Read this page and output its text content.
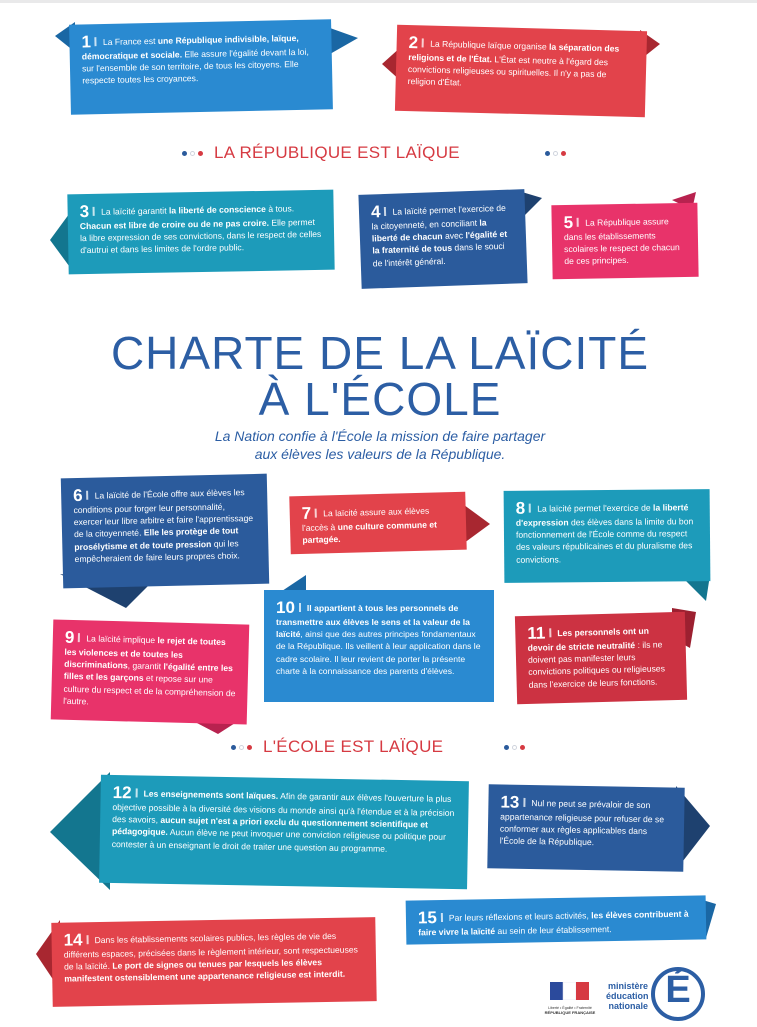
1 La France est une République indivisible, laïque, démocratique et sociale. Elle assure l'égalité devant la loi, sur l'ensemble de son territoire, de tous les citoyens. Elle respecte toutes les croyances.
2 La République laïque organise la séparation des religions et de l'État. L'État est neutre à l'égard des convictions religieuses ou spirituelles. Il n'y a pas de religion d'État.
LA RÉPUBLIQUE EST LAÏQUE
3 La laïcité garantit la liberté de conscience à tous. Chacun est libre de croire ou de ne pas croire. Elle permet la libre expression de ses convictions, dans le respect de celles d'autrui et dans les limites de l'ordre public.
4 La laïcité permet l'exercice de la citoyenneté, en conciliant la liberté de chacun avec l'égalité et la fraternité de tous dans le souci de l'intérêt général.
5 La République assure dans les établissements scolaires le respect de chacun de ces principes.
CHARTE DE LA LAÏCITÉ
À L'ÉCOLE
La Nation confie à l'École la mission de faire partager
aux élèves les valeurs de la République.
6 La laïcité de l'École offre aux élèves les conditions pour forger leur personnalité, exercer leur libre arbitre et faire l'apprentissage de la citoyenneté. Elle les protège de tout prosélytisme et de toute pression qui les empêcheraient de faire leurs propres choix.
7 La laïcité assure aux élèves l'accès à une culture commune et partagée.
8 La laïcité permet l'exercice de la liberté d'expression des élèves dans la limite du bon fonctionnement de l'École comme du respect des valeurs républicaines et du pluralisme des convictions.
9 La laïcité implique le rejet de toutes les violences et de toutes les discriminations, garantit l'égalité entre les filles et les garçons et repose sur une culture du respect et de la compréhension de l'autre.
10 Il appartient à tous les personnels de transmettre aux élèves le sens et la valeur de la laïcité, ainsi que des autres principes fondamentaux de la République. Ils veillent à leur application dans le cadre scolaire. Il leur revient de porter la présente charte à la connaissance des parents d'élèves.
11 Les personnels ont un devoir de stricte neutralité : ils ne doivent pas manifester leurs convictions politiques ou religieuses dans l'exercice de leurs fonctions.
L'ÉCOLE EST LAÏQUE
12 Les enseignements sont laïques. Afin de garantir aux élèves l'ouverture la plus objective possible à la diversité des visions du monde ainsi qu'à l'étendue et à la précision des savoirs, aucun sujet n'est a priori exclu du questionnement scientifique et pédagogique. Aucun élève ne peut invoquer une conviction religieuse ou politique pour contester à un enseignant le droit de traiter une question au programme.
13 Nul ne peut se prévaloir de son appartenance religieuse pour refuser de se conformer aux règles applicables dans l'École de la République.
15 Par leurs réflexions et leurs activités, les élèves contribuent à faire vivre la laïcité au sein de leur établissement.
14 Dans les établissements scolaires publics, les règles de vie des différents espaces, précisées dans le règlement intérieur, sont respectueuses de la laïcité. Le port de signes ou tenues par lesquels les élèves manifestent ostensiblement une appartenance religieuse est interdit.
Liberté • Égalité • Fraternité
RÉPUBLIQUE FRANÇAISE
ministère
éducation
nationale É
